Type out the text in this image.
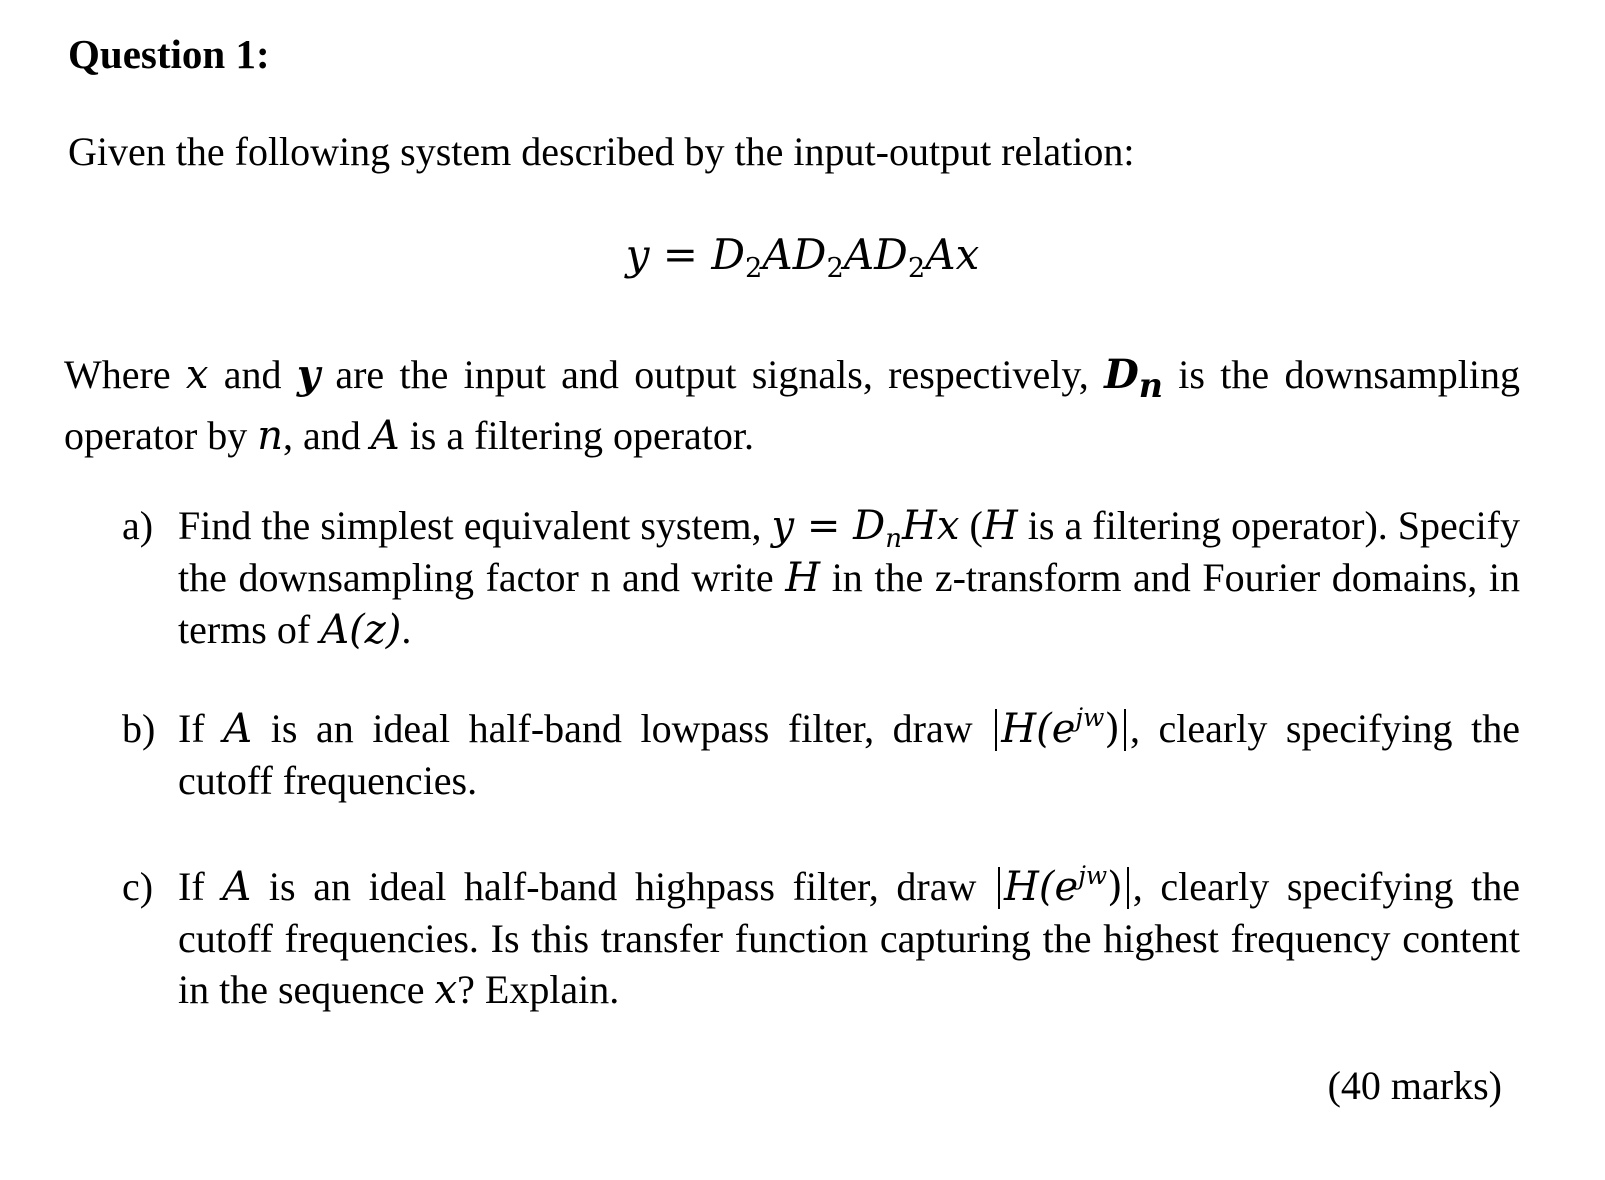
Question 1:
Given the following system described by the input-output relation:
$y = D_2AD_2AD_2Ax$
Where x and y are the input and output signals, respectively, $D_n$ is the downsampling operator by n, and A is a filtering operator.
a) Find the simplest equivalent system, $y = D_nHx$ (H is a filtering operator). Specify the downsampling factor n and write H in the z-transform and Fourier domains, in terms of A(z).
b) If A is an ideal half-band lowpass filter, draw $H(e^{jw})$ , clearly specifying the cutoff frequencies.
c) If A is an ideal half-band highpass filter, draw $H(e^{jw})$ , clearly specifying the cutoff frequencies. Is this transfer function capturing the highest frequency content in the sequence x? Explain.
(40 marks)
